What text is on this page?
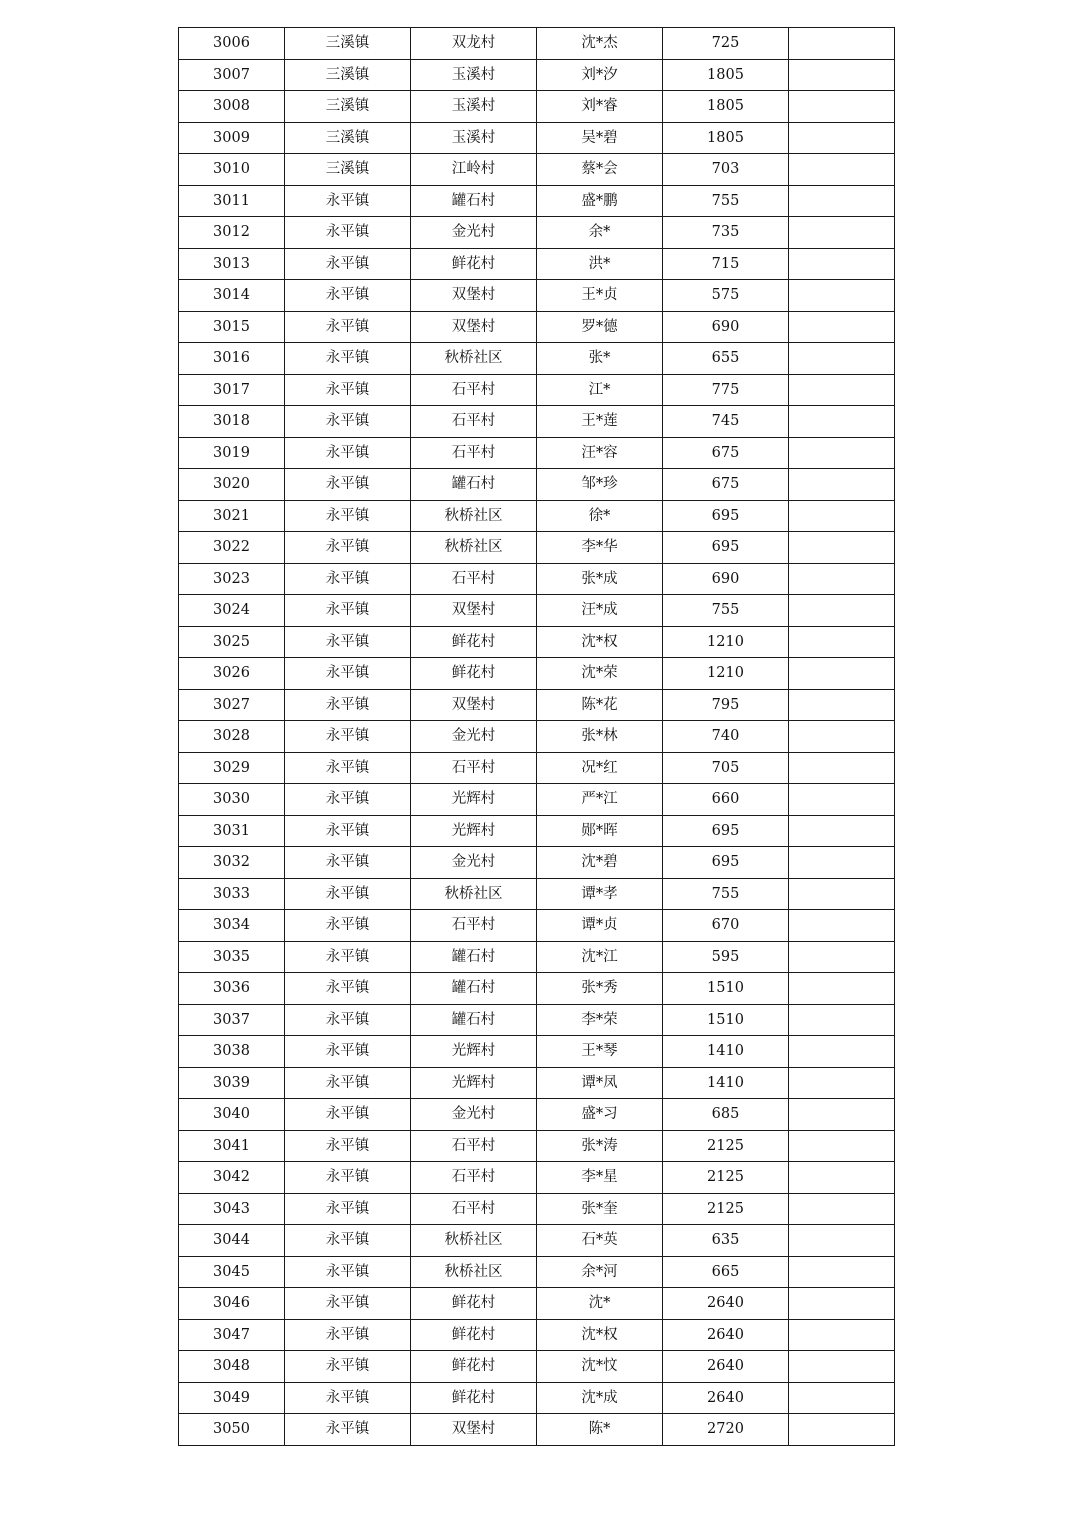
3006	三溪镇	双龙村	沈*杰	725	
3007	三溪镇	玉溪村	刘*汐	1805	
3008	三溪镇	玉溪村	刘*睿	1805	
3009	三溪镇	玉溪村	吴*碧	1805	
3010	三溪镇	江岭村	蔡*会	703	
3011	永平镇	罐石村	盛*鹏	755	
3012	永平镇	金光村	余*	735	
3013	永平镇	鲜花村	洪*	715	
3014	永平镇	双堡村	王*贞	575	
3015	永平镇	双堡村	罗*德	690	
3016	永平镇	秋桥社区	张*	655	
3017	永平镇	石平村	江*	775	
3018	永平镇	石平村	王*莲	745	
3019	永平镇	石平村	汪*容	675	
3020	永平镇	罐石村	邹*珍	675	
3021	永平镇	秋桥社区	徐*	695	
3022	永平镇	秋桥社区	李*华	695	
3023	永平镇	石平村	张*成	690	
3024	永平镇	双堡村	汪*成	755	
3025	永平镇	鲜花村	沈*权	1210	
3026	永平镇	鲜花村	沈*荣	1210	
3027	永平镇	双堡村	陈*花	795	
3028	永平镇	金光村	张*林	740	
3029	永平镇	石平村	况*红	705	
3030	永平镇	光辉村	严*江	660	
3031	永平镇	光辉村	郧*晖	695	
3032	永平镇	金光村	沈*碧	695	
3033	永平镇	秋桥社区	谭*孝	755	
3034	永平镇	石平村	谭*贞	670	
3035	永平镇	罐石村	沈*江	595	
3036	永平镇	罐石村	张*秀	1510	
3037	永平镇	罐石村	李*荣	1510	
3038	永平镇	光辉村	王*琴	1410	
3039	永平镇	光辉村	谭*凤	1410	
3040	永平镇	金光村	盛*习	685	
3041	永平镇	石平村	张*涛	2125	
3042	永平镇	石平村	李*星	2125	
3043	永平镇	石平村	张*奎	2125	
3044	永平镇	秋桥社区	石*英	635	
3045	永平镇	秋桥社区	余*河	665	
3046	永平镇	鲜花村	沈*	2640	
3047	永平镇	鲜花村	沈*权	2640	
3048	永平镇	鲜花村	沈*忟	2640	
3049	永平镇	鲜花村	沈*成	2640	
3050	永平镇	双堡村	陈*	2720	
